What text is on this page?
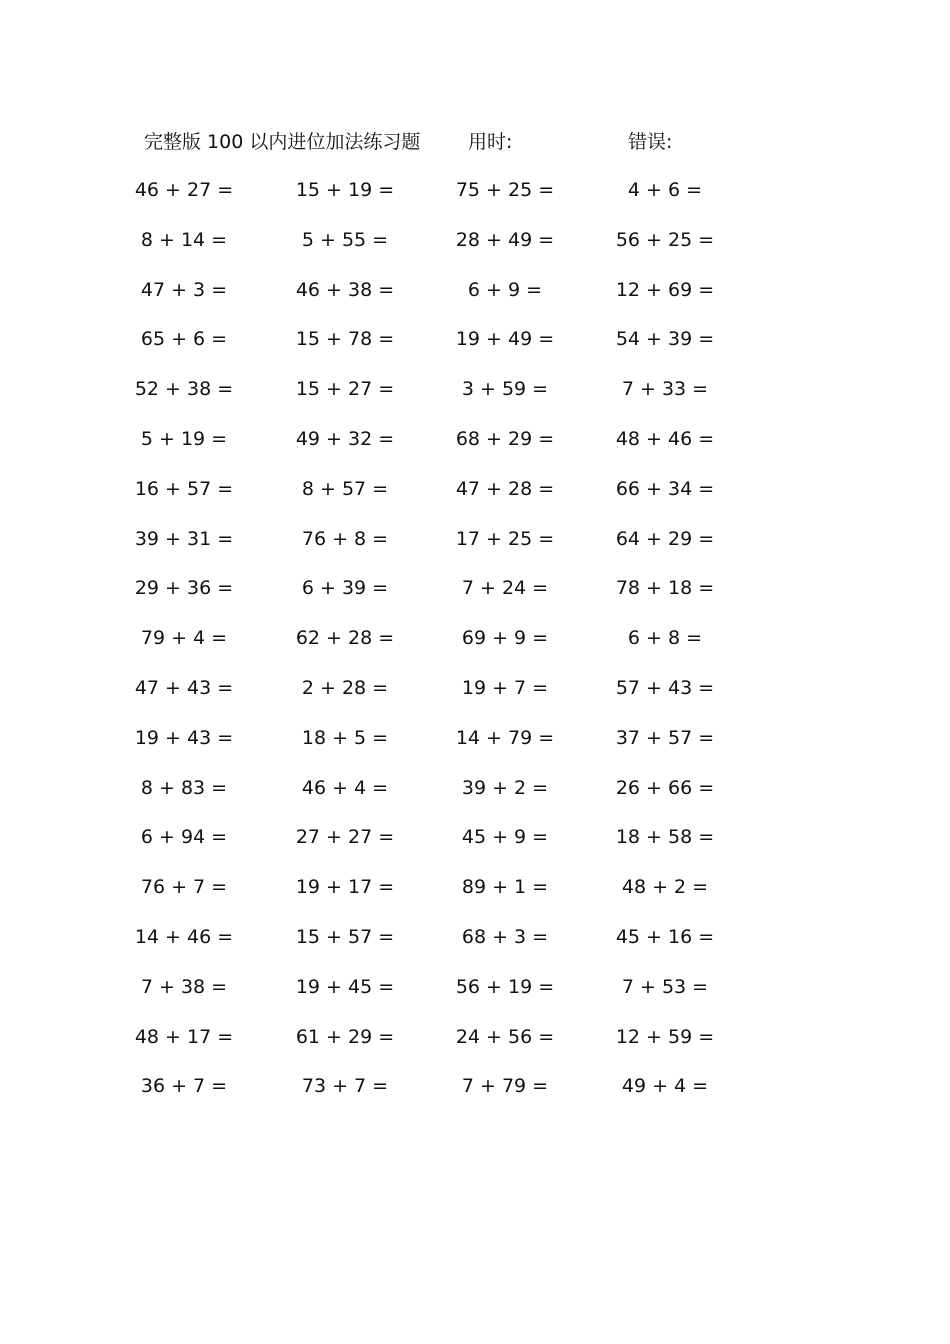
完整版 100 以内进位加法练习题	用时:	错误:
46 + 27 =	15 + 19 =	75 + 25 =	4 + 6 =
8 + 14 =	5 + 55 =	28 + 49 =	56 + 25 =
47 + 3 =	46 + 38 =	6 + 9 =	12 + 69 =
65 + 6 =	15 + 78 =	19 + 49 =	54 + 39 =
52 + 38 =	15 + 27 =	3 + 59 =	7 + 33 =
5 + 19 =	49 + 32 =	68 + 29 =	48 + 46 =
16 + 57 =	8 + 57 =	47 + 28 =	66 + 34 =
39 + 31 =	76 + 8 =	17 + 25 =	64 + 29 =
29 + 36 =	6 + 39 =	7 + 24 =	78 + 18 =
79 + 4 =	62 + 28 =	69 + 9 =	6 + 8 =
47 + 43 =	2 + 28 =	19 + 7 =	57 + 43 =
19 + 43 =	18 + 5 =	14 + 79 =	37 + 57 =
8 + 83 =	46 + 4 =	39 + 2 =	26 + 66 =
6 + 94 =	27 + 27 =	45 + 9 =	18 + 58 =
76 + 7 =	19 + 17 =	89 + 1 =	48 + 2 =
14 + 46 =	15 + 57 =	68 + 3 =	45 + 16 =
7 + 38 =	19 + 45 =	56 + 19 =	7 + 53 =
48 + 17 =	61 + 29 =	24 + 56 =	12 + 59 =
36 + 7 =	73 + 7 =	7 + 79 =	49 + 4 =
